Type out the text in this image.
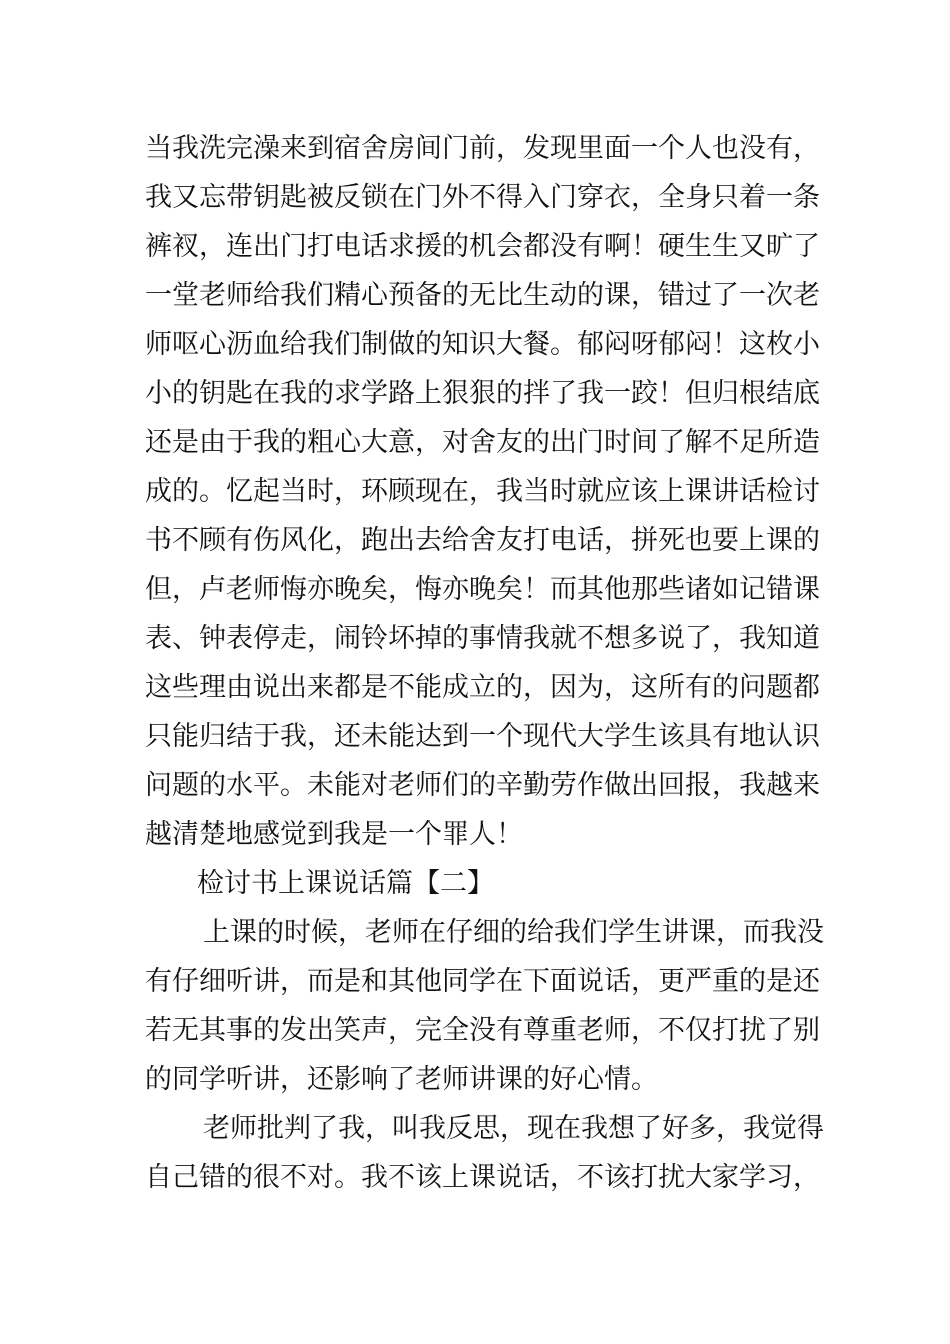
当我洗完澡来到宿舍房间门前，发现里面一个人也没有，
我又忘带钥匙被反锁在门外不得入门穿衣，全身只着一条
裤衩，连出门打电话求援的机会都没有啊！硬生生又旷了
一堂老师给我们精心预备的无比生动的课，错过了一次老
师呕心沥血给我们制做的知识大餐。郁闷呀郁闷！这枚小
小的钥匙在我的求学路上狠狠的拌了我一跤！但归根结底
还是由于我的粗心大意，对舍友的出门时间了解不足所造
成的。忆起当时，环顾现在，我当时就应该上课讲话检讨
书不顾有伤风化，跑出去给舍友打电话，拼死也要上课的
但，卢老师悔亦晚矣，悔亦晚矣！而其他那些诸如记错课
表、钟表停走，闹铃坏掉的事情我就不想多说了，我知道
这些理由说出来都是不能成立的，因为，这所有的问题都
只能归结于我，还未能达到一个现代大学生该具有地认识
问题的水平。未能对老师们的辛勤劳作做出回报，我越来
越清楚地感觉到我是一个罪人！
检讨书上课说话篇【二】
上课的时候，老师在仔细的给我们学生讲课，而我没
有仔细听讲，而是和其他同学在下面说话，更严重的是还
若无其事的发出笑声，完全没有尊重老师，不仅打扰了别
的同学听讲，还影响了老师讲课的好心情。
老师批判了我，叫我反思，现在我想了好多，我觉得
自己错的很不对。我不该上课说话，不该打扰大家学习，
